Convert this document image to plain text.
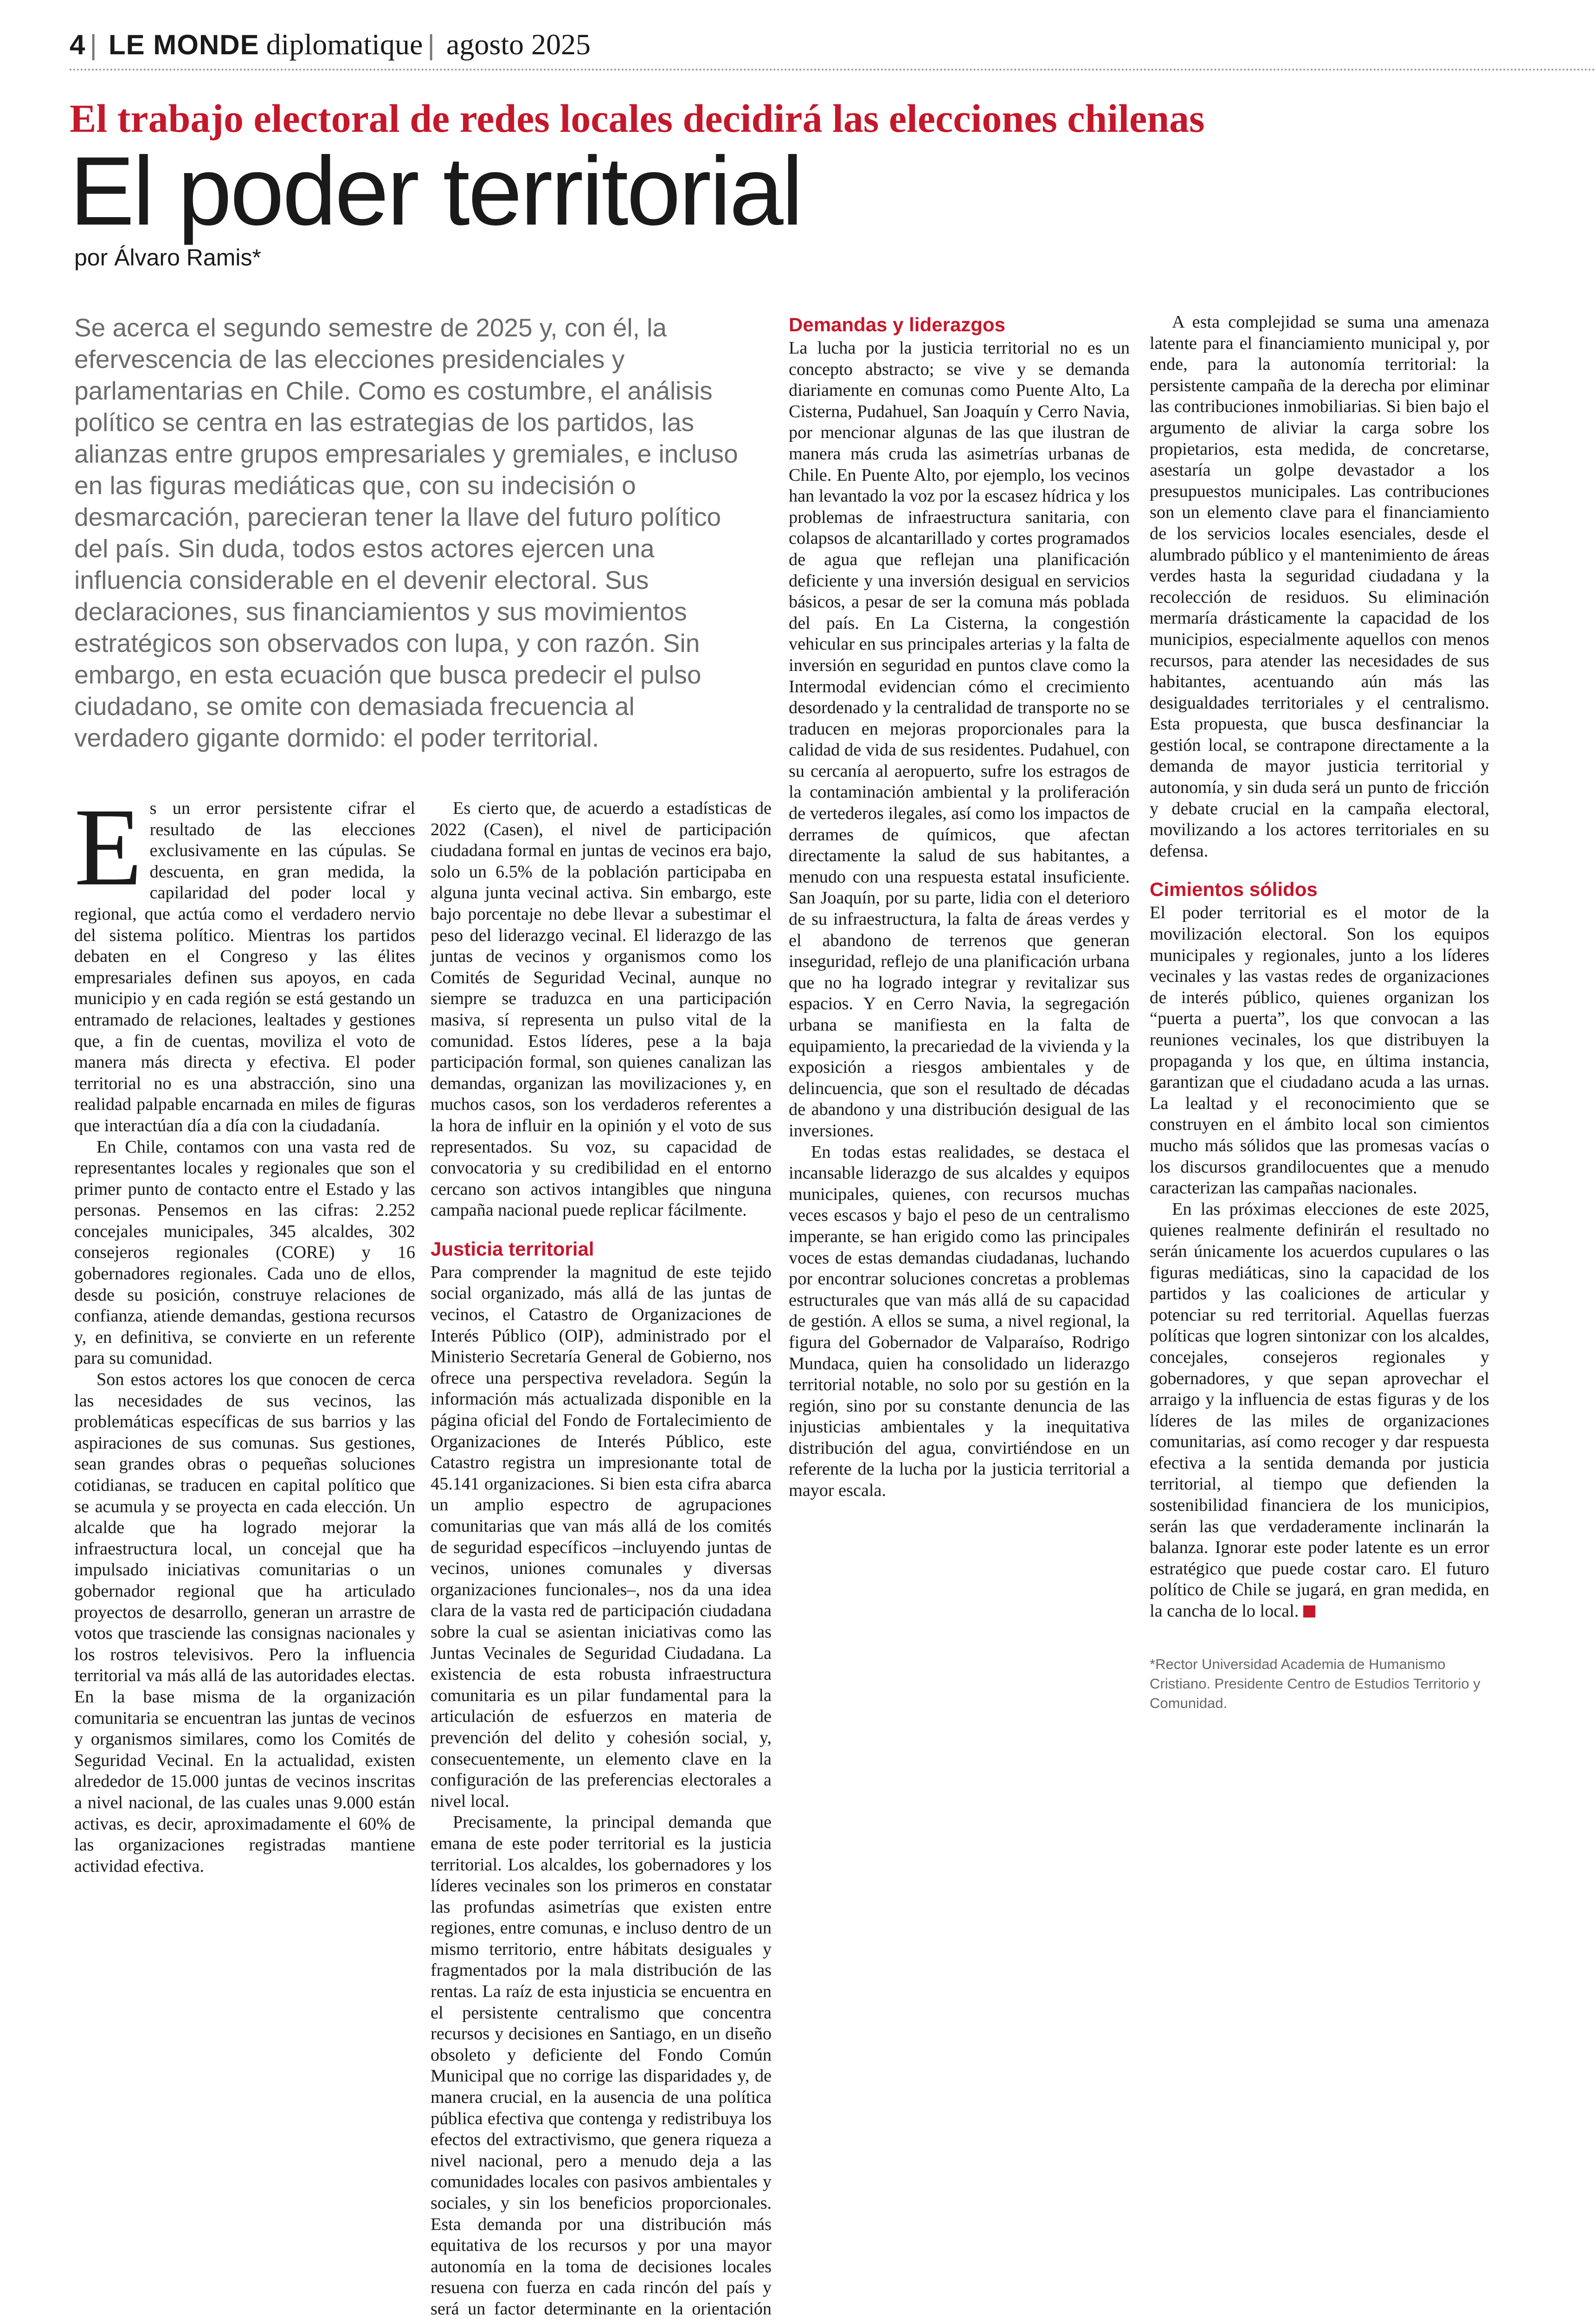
4 | LE MONDE diplomatique | agosto 2025
El trabajo electoral de redes locales decidirá las elecciones chilenas
El poder territorial
por Álvaro Ramis*
Se acerca el segundo semestre de 2025 y, con él, la efervescencia de las elecciones presidenciales y parlamentarias en Chile. Como es costumbre, el análisis político se centra en las estrategias de los partidos, las alianzas entre grupos empresariales y gremiales, e incluso en las figuras mediáticas que, con su indecisión o desmarcación, parecieran tener la llave del futuro político del país. Sin duda, todos estos actores ejercen una influencia considerable en el devenir electoral. Sus declaraciones, sus financiamientos y sus movimientos estratégicos son observados con lupa, y con razón. Sin embargo, en esta ecuación que busca predecir el pulso ciudadano, se omite con demasiada frecuencia al verdadero gigante dormido: el poder territorial.
E s un error persistente cifrar el resultado de las elecciones exclusivamente en las cúpulas. Se descuenta, en gran medida, la capilaridad del poder local y regional, que actúa como el verdadero nervio del sistema político. Mientras los partidos debaten en el Congreso y las élites empresariales definen sus apoyos, en cada municipio y en cada región se está gestando un entramado de relaciones, lealtades y gestiones que, a fin de cuentas, moviliza el voto de manera más directa y efectiva. El poder territorial no es una abstracción, sino una realidad palpable encarnada en miles de figuras que interactúan día a día con la ciudadanía.

En Chile, contamos con una vasta red de representantes locales y regionales que son el primer punto de contacto entre el Estado y las personas. Pensemos en las cifras: 2.252 concejales municipales, 345 alcaldes, 302 consejeros regionales (CORE) y 16 gobernadores regionales. Cada uno de ellos, desde su posición, construye relaciones de confianza, atiende demandas, gestiona recursos y, en definitiva, se convierte en un referente para su comunidad.

Son estos actores los que conocen de cerca las necesidades de sus vecinos, las problemáticas específicas de sus barrios y las aspiraciones de sus comunas. Sus gestiones, sean grandes obras o pequeñas soluciones cotidianas, se traducen en capital político que se acumula y se proyecta en cada elección. Un alcalde que ha logrado mejorar la infraestructura local, un concejal que ha impulsado iniciativas comunitarias o un gobernador regional que ha articulado proyectos de desarrollo, generan un arrastre de votos que trasciende las consignas nacionales y los rostros televisivos. Pero la influencia territorial va más allá de las autoridades electas. En la base misma de la organización comunitaria se encuentran las juntas de vecinos y organismos similares, como los Comités de Seguridad Vecinal. En la actualidad, existen alrededor de 15.000 juntas de vecinos inscritas a nivel nacional, de las cuales unas 9.000 están activas, es decir, aproximadamente el 60% de las organizaciones registradas mantiene actividad efectiva.

Es cierto que, de acuerdo a estadísticas de 2022 (Casen), el nivel de participación ciudadana formal en juntas de vecinos era bajo, solo un 6.5% de la población participaba en alguna junta vecinal activa. Sin embargo, este bajo porcentaje no debe llevar a subestimar el peso del liderazgo vecinal. El liderazgo de las juntas de vecinos y organismos como los Comités de Seguridad Vecinal, aunque no siempre se traduzca en una participación masiva, sí representa un pulso vital de la comunidad. Estos líderes, pese a la baja participación formal, son quienes canalizan las demandas, organizan las movilizaciones y, en muchos casos, son los verdaderos referentes a la hora de influir en la opinión y el voto de sus representados. Su voz, su capacidad de convocatoria y su credibilidad en el entorno cercano son activos intangibles que ninguna campaña nacional puede replicar fácilmente.

Justicia territorial

Para comprender la magnitud de este tejido social organizado, más allá de las juntas de vecinos, el Catastro de Organizaciones de Interés Público (OIP), administrado por el Ministerio Secretaría General de Gobierno, nos ofrece una perspectiva reveladora. Según la información más actualizada disponible en la página oficial del Fondo de Fortalecimiento de Organizaciones de Interés Público, este Catastro registra un impresionante total de 45.141 organizaciones. Si bien esta cifra abarca un amplio espectro de agrupaciones comunitarias que van más allá de los comités de seguridad específicos –incluyendo juntas de vecinos, uniones comunales y diversas organizaciones funcionales–, nos da una idea clara de la vasta red de participación ciudadana sobre la cual se asientan iniciativas como las Juntas Vecinales de Seguridad Ciudadana. La existencia de esta robusta infraestructura comunitaria es un pilar fundamental para la articulación de esfuerzos en materia de prevención del delito y cohesión social, y, consecuentemente, un elemento clave en la configuración de las preferencias electorales a nivel local.

Precisamente, la principal demanda que emana de este poder territorial es la justicia territorial. Los alcaldes, los gobernadores y los líderes vecinales son los primeros en constatar las profundas asimetrías que existen entre regiones, entre comunas, e incluso dentro de un mismo territorio, entre hábitats desiguales y fragmentados por la mala distribución de las rentas. La raíz de esta injusticia se encuentra en el persistente centralismo que concentra recursos y decisiones en Santiago, en un diseño obsoleto y deficiente del Fondo Común Municipal que no corrige las disparidades y, de manera crucial, en la ausencia de una política pública efectiva que contenga y redistribuya los efectos del extractivismo, que genera riqueza a nivel nacional, pero a menudo deja a las comunidades locales con pasivos ambientales y sociales, y sin los beneficios proporcionales. Esta demanda por una distribución más equitativa de los recursos y por una mayor autonomía en la toma de decisiones locales resuena con fuerza en cada rincón del país y será un factor determinante en la orientación

Demandas y liderazgos

La lucha por la justicia territorial no es un concepto abstracto; se vive y se demanda diariamente en comunas como Puente Alto, La Cisterna, Pudahuel, San Joaquín y Cerro Navia, por mencionar algunas de las que ilustran de manera más cruda las asimetrías urbanas de Chile. En Puente Alto, por ejemplo, los vecinos han levantado la voz por la escasez hídrica y los problemas de infraestructura sanitaria, con colapsos de alcantarillado y cortes programados de agua que reflejan una planificación deficiente y una inversión desigual en servicios básicos, a pesar de ser la comuna más poblada del país. En La Cisterna, la congestión vehicular en sus principales arterias y la falta de inversión en seguridad en puntos clave como la Intermodal evidencian cómo el crecimiento desordenado y la centralidad de transporte no se traducen en mejoras proporcionales para la calidad de vida de sus residentes. Pudahuel, con su cercanía al aeropuerto, sufre los estragos de la contaminación ambiental y la proliferación de vertederos ilegales, así como los impactos de derrames de químicos, que afectan directamente la salud de sus habitantes, a menudo con una respuesta estatal insuficiente. San Joaquín, por su parte, lidia con el deterioro de su infraestructura, la falta de áreas verdes y el abandono de terrenos que generan inseguridad, reflejo de una planificación urbana que no ha logrado integrar y revitalizar sus espacios. Y en Cerro Navia, la segregación urbana se manifiesta en la falta de equipamiento, la precariedad de la vivienda y la exposición a riesgos ambientales y de delincuencia, que son el resultado de décadas de abandono y una distribución desigual de las inversiones.

En todas estas realidades, se destaca el incansable liderazgo de sus alcaldes y equipos municipales, quienes, con recursos muchas veces escasos y bajo el peso de un centralismo imperante, se han erigido como las principales voces de estas demandas ciudadanas, luchando por encontrar soluciones concretas a problemas estructurales que van más allá de su capacidad de gestión. A ellos se suma, a nivel regional, la figura del Gobernador de Valparaíso, Rodrigo Mundaca, quien ha consolidado un liderazgo territorial notable, no solo por su gestión en la región, sino por su constante denuncia de las injusticias ambientales y la inequitativa distribución del agua, convirtiéndose en un referente de la lucha por la justicia territorial a mayor escala.

A esta complejidad se suma una amenaza latente para el financiamiento municipal y, por ende, para la autonomía territorial: la persistente campaña de la derecha por eliminar las contribuciones inmobiliarias. Si bien bajo el argumento de aliviar la carga sobre los propietarios, esta medida, de concretarse, asestaría un golpe devastador a los presupuestos municipales. Las contribuciones son un elemento clave para el financiamiento de los servicios locales esenciales, desde el alumbrado público y el mantenimiento de áreas verdes hasta la seguridad ciudadana y la recolección de residuos. Su eliminación mermaría drásticamente la capacidad de los municipios, especialmente aquellos con menos recursos, para atender las necesidades de sus habitantes, acentuando aún más las desigualdades territoriales y el centralismo. Esta propuesta, que busca desfinanciar la gestión local, se contrapone directamente a la demanda de mayor justicia territorial y autonomía, y sin duda será un punto de fricción y debate crucial en la campaña electoral, movilizando a los actores territoriales en su defensa.

Cimientos sólidos

El poder territorial es el motor de la movilización electoral. Son los equipos municipales y regionales, junto a los líderes vecinales y las vastas redes de organizaciones de interés público, quienes organizan los “puerta a puerta”, los que convocan a las reuniones vecinales, los que distribuyen la propaganda y los que, en última instancia, garantizan que el ciudadano acuda a las urnas. La lealtad y el reconocimiento que se construyen en el ámbito local son cimientos mucho más sólidos que las promesas vacías o los discursos grandilocuentes que a menudo caracterizan las campañas nacionales.

En las próximas elecciones de este 2025, quienes realmente definirán el resultado no serán únicamente los acuerdos cupulares o las figuras mediáticas, sino la capacidad de los partidos y las coaliciones de articular y potenciar su red territorial. Aquellas fuerzas políticas que logren sintonizar con los alcaldes, concejales, consejeros regionales y gobernadores, y que sepan aprovechar el arraigo y la influencia de estas figuras y de los líderes de las miles de organizaciones comunitarias, así como recoger y dar respuesta efectiva a la sentida demanda por justicia territorial, al tiempo que defienden la sostenibilidad financiera de los municipios, serán las que verdaderamente inclinarán la balanza. Ignorar este poder latente es un error estratégico que puede costar caro. El futuro político de Chile se jugará, en gran medida, en la cancha de lo local.

*Rector Universidad Academia de Humanismo Cristiano. Presidente Centro de Estudios Territorio y Comunidad.
